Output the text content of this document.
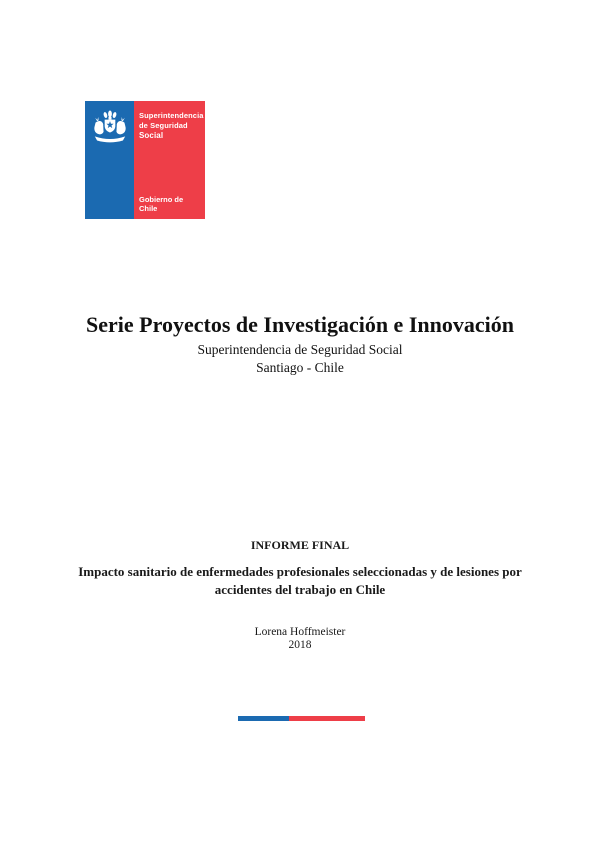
Superintendencia
de Seguridad
Social
Gobierno de Chile
Serie Proyectos de Investigación e Innovación
Superintendencia de Seguridad Social
Santiago - Chile
INFORME FINAL
Impacto sanitario de enfermedades profesionales seleccionadas y de lesiones por accidentes del trabajo en Chile
Lorena Hoffmeister
2018
